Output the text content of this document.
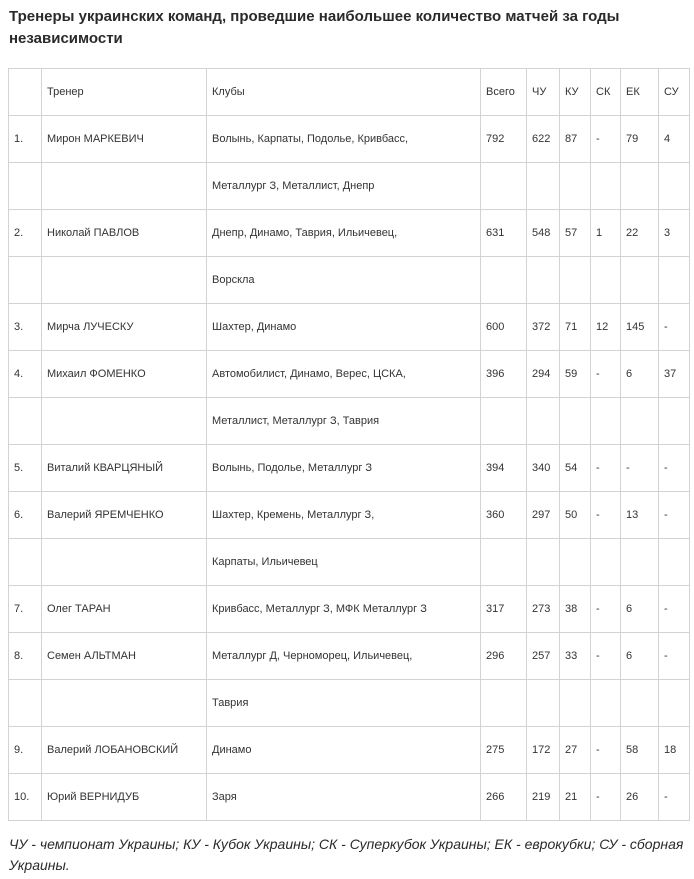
Тренеры украинских команд, проведшие наибольшее количество матчей за годы независимости
	Тренер	Клубы	Всего	ЧУ	КУ	СК	ЕК	СУ
1.	Мирон МАРКЕВИЧ	Волынь, Карпаты, Подолье, Кривбасс,	792	622	87	-	79	4
		Металлург З, Металлист, Днепр						
2.	Николай ПАВЛОВ	Днепр, Динамо, Таврия, Ильичевец,	631	548	57	1	22	3
		Ворскла						
3.	Мирча ЛУЧЕСКУ	Шахтер, Динамо	600	372	71	12	145	-
4.	Михаил ФОМЕНКО	Автомобилист, Динамо, Верес, ЦСКА,	396	294	59	-	6	37
		Металлист, Металлург З, Таврия						
5.	Виталий КВАРЦЯНЫЙ	Волынь, Подолье, Металлург З	394	340	54	-	-	-
6.	Валерий ЯРЕМЧЕНКО	Шахтер, Кремень, Металлург З,	360	297	50	-	13	-
		Карпаты, Ильичевец						
7.	Олег ТАРАН	Кривбасс, Металлург З, МФК Металлург З	317	273	38	-	6	-
8.	Семен АЛЬТМАН	Металлург Д, Черноморец, Ильичевец,	296	257	33	-	6	-
		Таврия						
9.	Валерий ЛОБАНОВСКИЙ	Динамо	275	172	27	-	58	18
10.	Юрий ВЕРНИДУБ	Заря	266	219	21	-	26	-
ЧУ - чемпионат Украины; КУ - Кубок Украины; СК - Суперкубок Украины; ЕК - еврокубки; СУ - сборная Украины.
